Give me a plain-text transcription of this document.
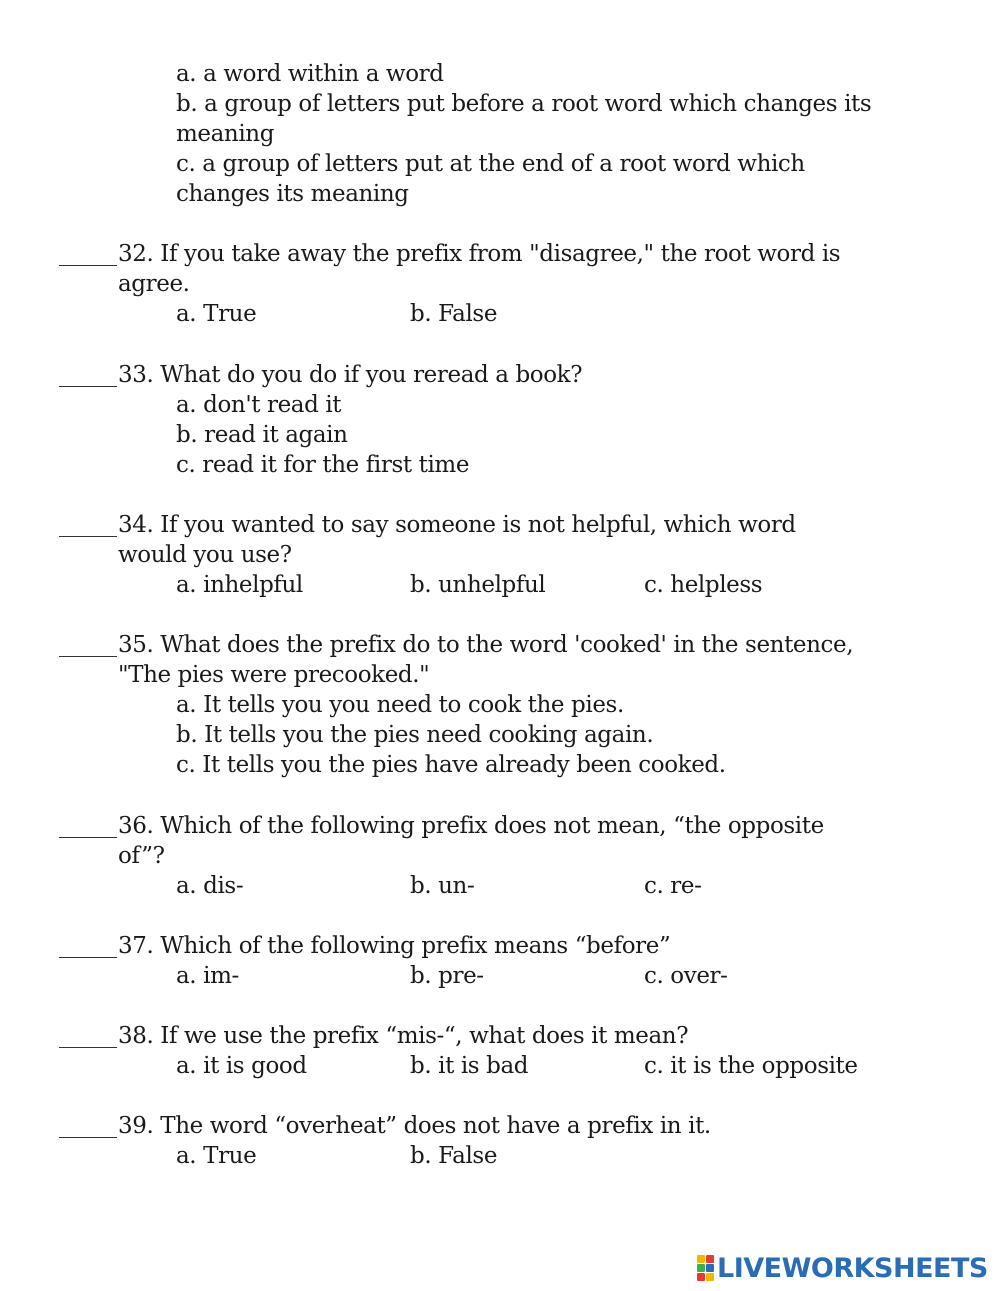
a. a word within a word
b. a group of letters put before a root word which changes its
meaning
c. a group of letters put at the end of a root word which
changes its meaning
32. If you take away the prefix from "disagree," the root word is
agree.
a. True	b. False
33. What do you do if you reread a book?
a. don't read it
b. read it again
c. read it for the first time
34. If you wanted to say someone is not helpful, which word
would you use?
a. inhelpful	b. unhelpful	c. helpless
35. What does the prefix do to the word 'cooked' in the sentence,
"The pies were precooked."
a. It tells you you need to cook the pies.
b. It tells you the pies need cooking again.
c. It tells you the pies have already been cooked.
36. Which of the following prefix does not mean, “the opposite
of”?
a. dis-	b. un-	c. re-
37. Which of the following prefix means “before”
a. im-	b. pre-	c. over-
38. If we use the prefix “mis-“, what does it mean?
a. it is good	b. it is bad	c. it is the opposite
39. The word “overheat” does not have a prefix in it.
a. True	b. False
LIVEWORKSHEETS
